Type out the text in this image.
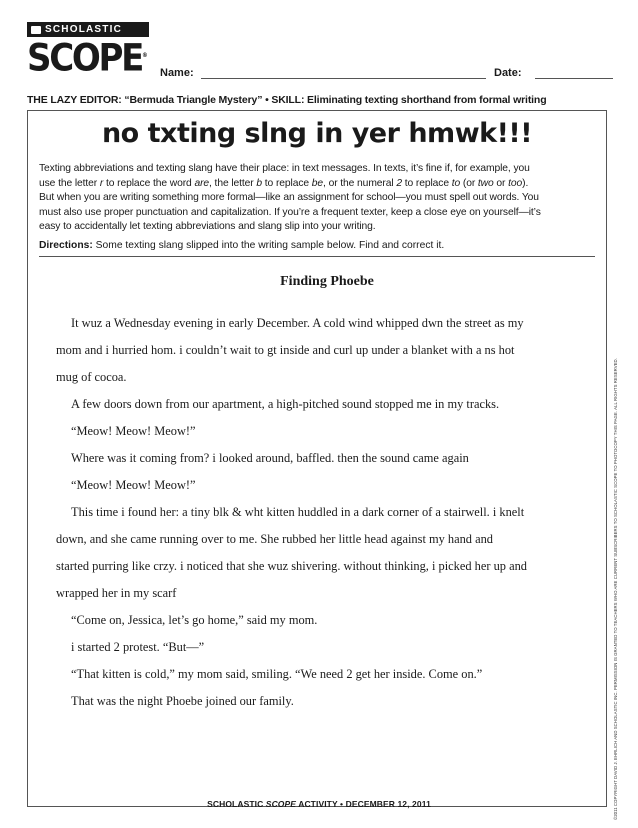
SCHOLASTIC
SCOPE®
Name:	Date:
THE LAZY EDITOR: “Bermuda Triangle Mystery” • SKILL: Eliminating texting shorthand from formal writing
no txting slng in yer hmwk!!!
Texting abbreviations and texting slang have their place: in text messages. In texts, it’s fine if, for example, you
use the letter r to replace the word are, the letter b to replace be, or the numeral 2 to replace to (or two or too).
But when you are writing something more formal—like an assignment for school—you must spell out words. You
must also use proper punctuation and capitalization. If you’re a frequent texter, keep a close eye on yourself—it’s
easy to accidentally let texting abbreviations and slang slip into your writing.
Directions: Some texting slang slipped into the writing sample below. Find and correct it.
Finding Phoebe
It wuz a Wednesday evening in early December. A cold wind whipped dwn the street as my
mom and i hurried hom. i couldn’t wait to gt inside and curl up under a blanket with a ns hot
mug of cocoa.
A few doors down from our apartment, a high-pitched sound stopped me in my tracks.
“Meow! Meow! Meow!”
Where was it coming from? i looked around, baffled. then the sound came again
“Meow! Meow! Meow!”
This time i found her: a tiny blk & wht kitten huddled in a dark corner of a stairwell. i knelt
down, and she came running over to me. She rubbed her little head against my hand and
started purring like crzy. i noticed that she wuz shivering. without thinking, i picked her up and
wrapped her in my scarf
“Come on, Jessica, let’s go home,” said my mom.
i started 2 protest. “But—”
“That kitten is cold,” my mom said, smiling. “We need 2 get her inside. Come on.”
That was the night Phoebe joined our family.	©2011 COPYRIGHT DAVID J. EHRLICH AND SCHOLASTIC INC. PERMISSION IS GRANTED TO TEACHERS WHO ARE CURRENT SUBSCRIBERS TO SCHOLASTIC SCOPE TO PHOTOCOPY THIS PAGE. ALL RIGHTS RESERVED.
SCHOLASTIC SCOPE ACTIVITY • DECEMBER 12, 2011
